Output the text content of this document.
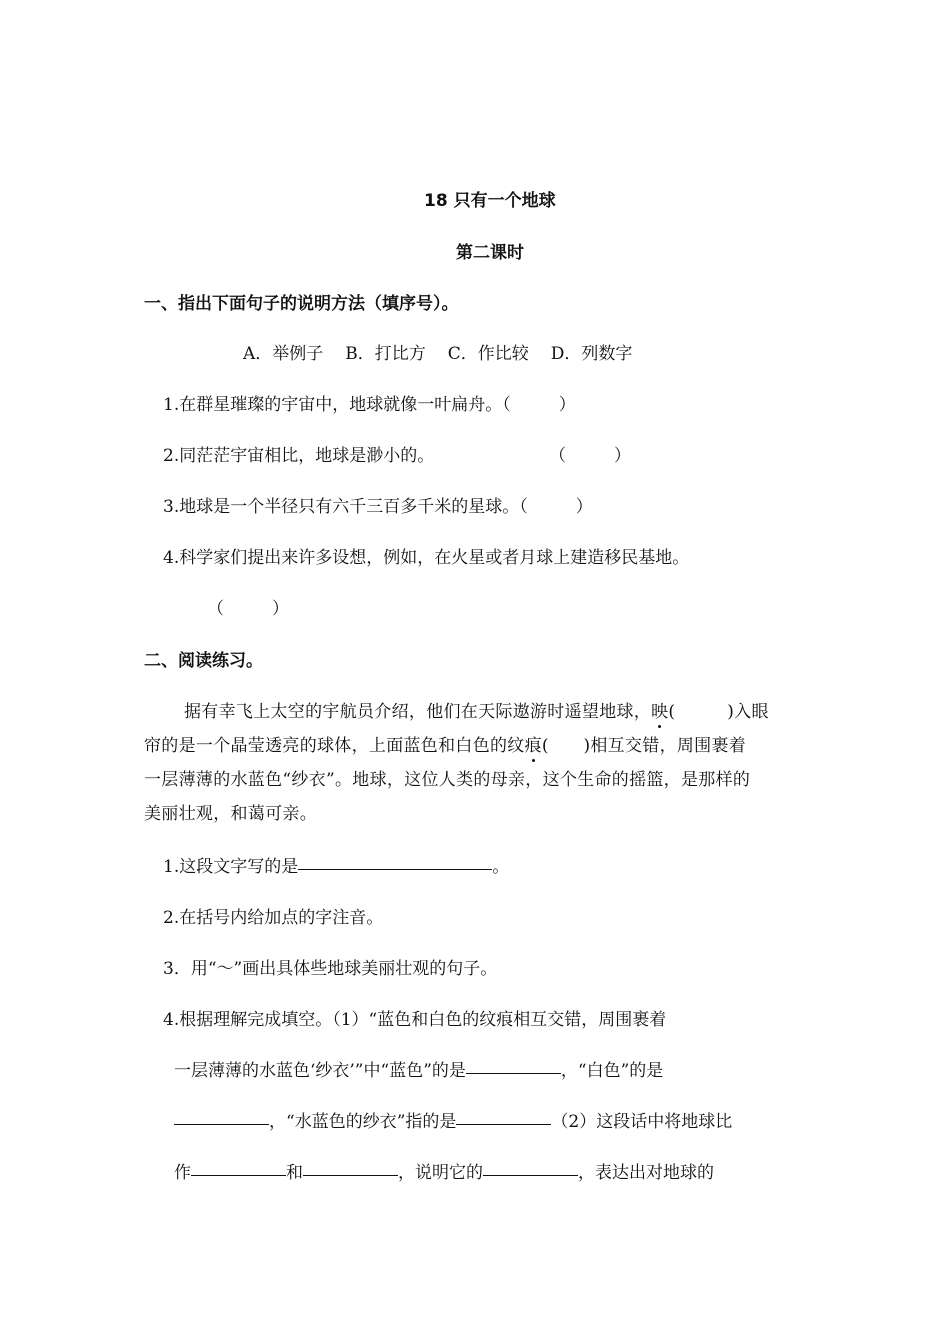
18 只有一个地球
第二课时
一、指出下面句子的说明方法（填序号）。
A．举例子 B．打比方 C．作比较 D．列数字
1.在群星璀璨的宇宙中，地球就像一叶扁舟。（	）
2.同茫茫宇宙相比，地球是渺小的。	（	）
3.地球是一个半径只有六千三百多千米的星球。（	）
4.科学家们提出来许多设想，例如，在火星或者月球上建造移民基地。
（	）
二、阅读练习。
据有幸飞上太空的宇航员介绍，他们在天际遨游时遥望地球，映(　　　)入眼
帘的是一个晶莹透亮的球体，上面蓝色和白色的纹痕(　　)相互交错，周围裹着
一层薄薄的水蓝色“纱衣”。地球，这位人类的母亲，这个生命的摇篮，是那样的
美丽壮观，和蔼可亲。
1.这段文字写的是	。
2.在括号内给加点的字注音。
3．用“～”画出具体些地球美丽壮观的句子。
4.根据理解完成填空。（1）“蓝色和白色的纹痕相互交错，周围裹着
一层薄薄的水蓝色‘纱衣’”中“蓝色”的是	，“白色”的是
，“水蓝色的纱衣”指的是	（2）这段话中将地球比
作	和	，说明它的	，表达出对地球的
